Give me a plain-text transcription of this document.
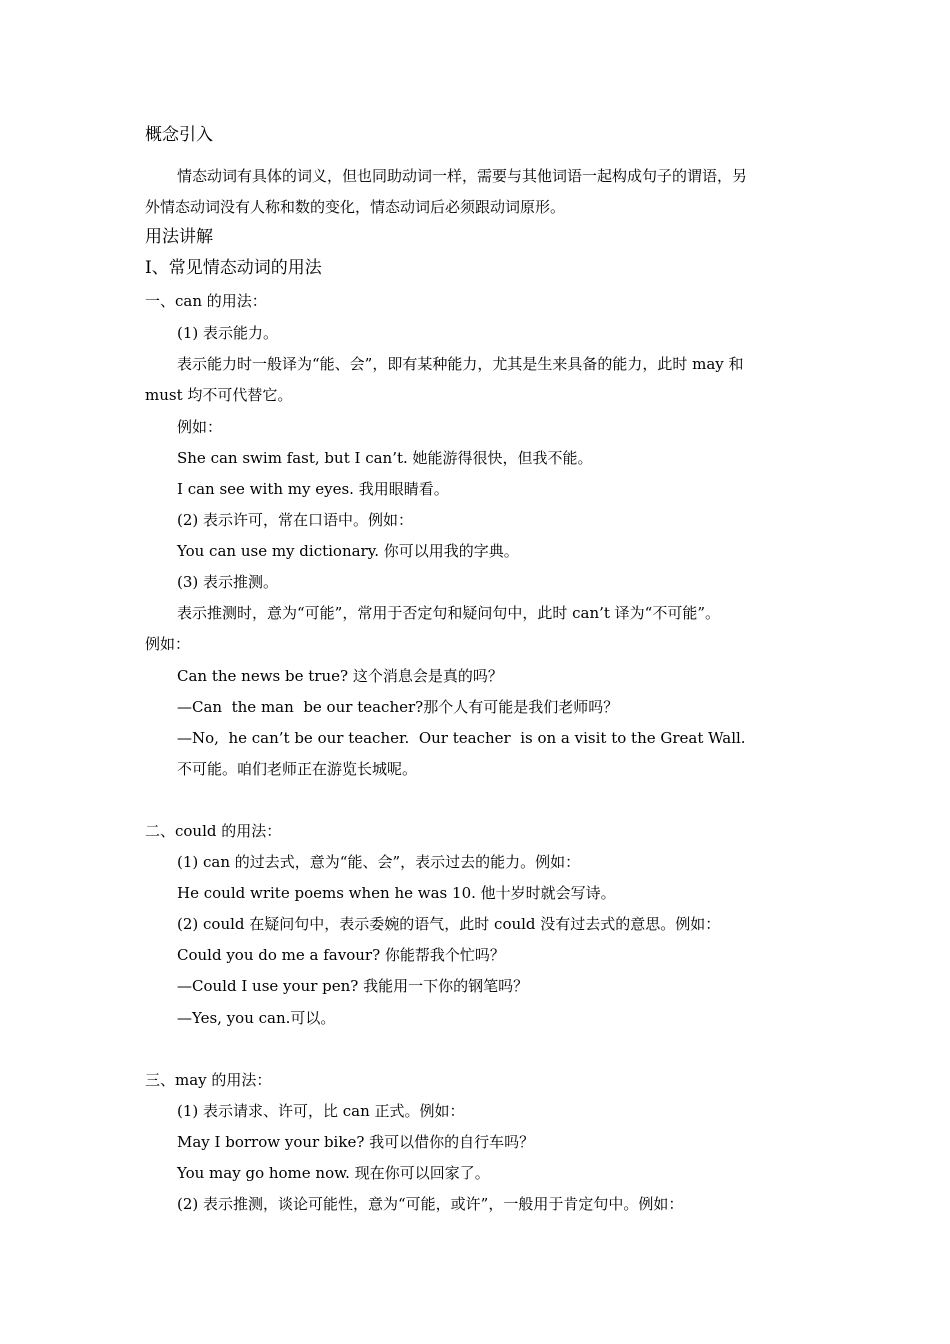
概念引入
情态动词有具体的词义，但也同助动词一样，需要与其他词语一起构成句子的谓语，另
外情态动词没有人称和数的变化，情态动词后必须跟动词原形。
用法讲解
I、常见情态动词的用法
一、can 的用法：
(1) 表示能力。
表示能力时一般译为“能、会”，即有某种能力，尤其是生来具备的能力，此时 may 和
must 均不可代替它。
例如：
She can swim fast, but I can’t. 她能游得很快，但我不能。
I can see with my eyes. 我用眼睛看。
(2) 表示许可，常在口语中。例如：
You can use my dictionary. 你可以用我的字典。
(3) 表示推测。
表示推测时，意为“可能”，常用于否定句和疑问句中，此时 can’t 译为“不可能”。
例如：
Can the news be true? 这个消息会是真的吗？
—Can  the man  be our teacher?那个人有可能是我们老师吗？
—No,  he can’t be our teacher.  Our teacher  is on a visit to the Great Wall.
不可能。咱们老师正在游览长城呢。
二、could 的用法：
(1) can 的过去式，意为“能、会”，表示过去的能力。例如：
He could write poems when he was 10. 他十岁时就会写诗。
(2) could 在疑问句中，表示委婉的语气，此时 could 没有过去式的意思。例如：
Could you do me a favour? 你能帮我个忙吗？
—Could I use your pen? 我能用一下你的钢笔吗？
—Yes, you can.可以。
三、may 的用法：
(1) 表示请求、许可，比 can 正式。例如：
May I borrow your bike? 我可以借你的自行车吗？
You may go home now. 现在你可以回家了。
(2) 表示推测，谈论可能性，意为“可能，或许”，一般用于肯定句中。例如：
